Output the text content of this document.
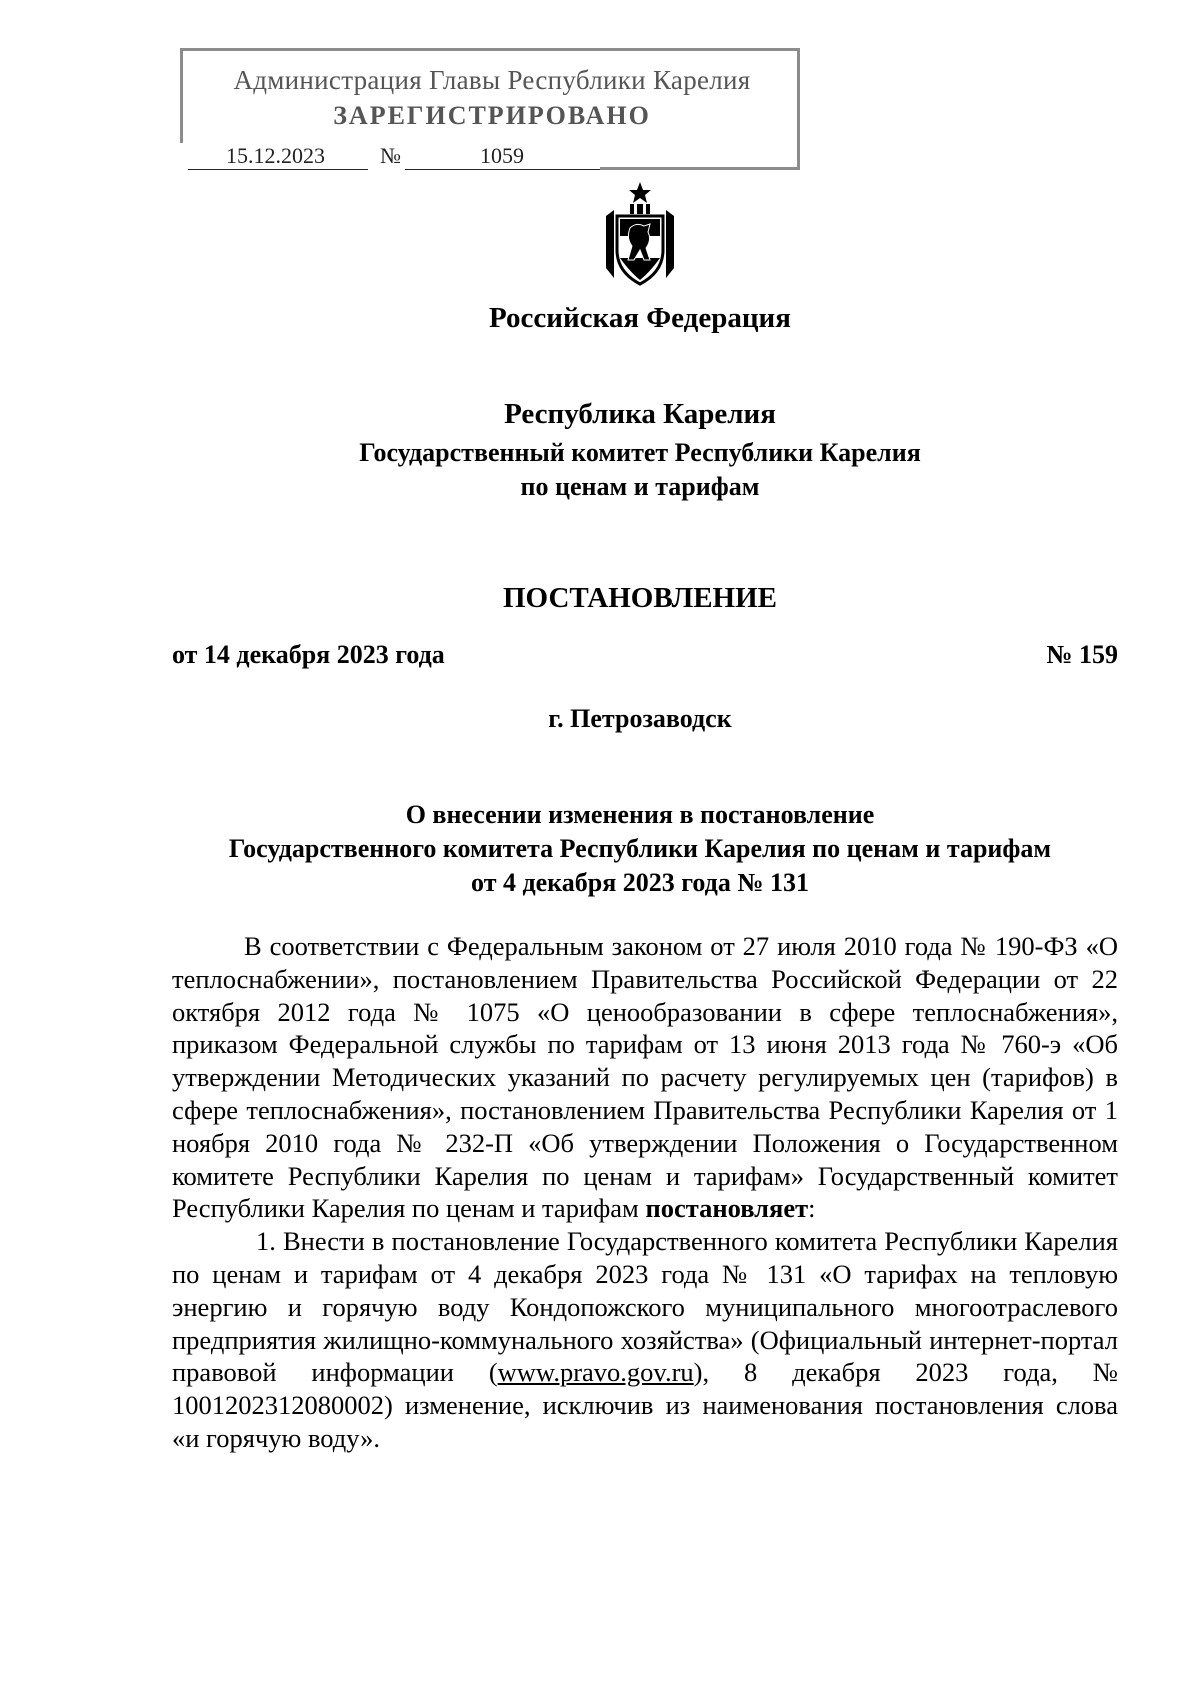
Администрация Главы Республики Карелия
ЗАРЕГИСТРИРОВАНО
15.12.2023	№	1059
Российская Федерация
Республика Карелия
Государственный комитет Республики Карелия
по ценам и тарифам
ПОСТАНОВЛЕНИЕ
от 14 декабря 2023 года	№ 159
г. Петрозаводск
О внесении изменения в постановление
Государственного комитета Республики Карелия по ценам и тарифам
от 4 декабря 2023 года № 131

В соответствии с Федеральным законом от 27 июля 2010 года № 190-ФЗ «О теплоснабжении», постановлением Правительства Российской Федерации от 22 октября 2012 года № 1075 «О ценообразовании в сфере теплоснабжения», приказом Федеральной службы по тарифам от 13 июня 2013 года № 760-э «Об утверждении Методических указаний по расчету регулируемых цен (тарифов) в сфере теплоснабжения», постановлением Правительства Республики Карелия от 1 ноября 2010 года № 232-П «Об утверждении Положения о Государственном комитете Республики Карелия по ценам и тарифам» Государственный комитет Республики Карелия по ценам и тарифам постановляет:

1. Внести в постановление Государственного комитета Республики Карелия по ценам и тарифам от 4 декабря 2023 года № 131 «О тарифах на тепловую энергию и горячую воду Кондопожского муниципального многоотраслевого предприятия жилищно-коммунального хозяйства» (Официальный интернет-портал правовой информации (www.pravo.gov.ru), 8 декабря 2023 года, № 1001202312080002) изменение, исключив из наименования постановления слова «и горячую воду».
